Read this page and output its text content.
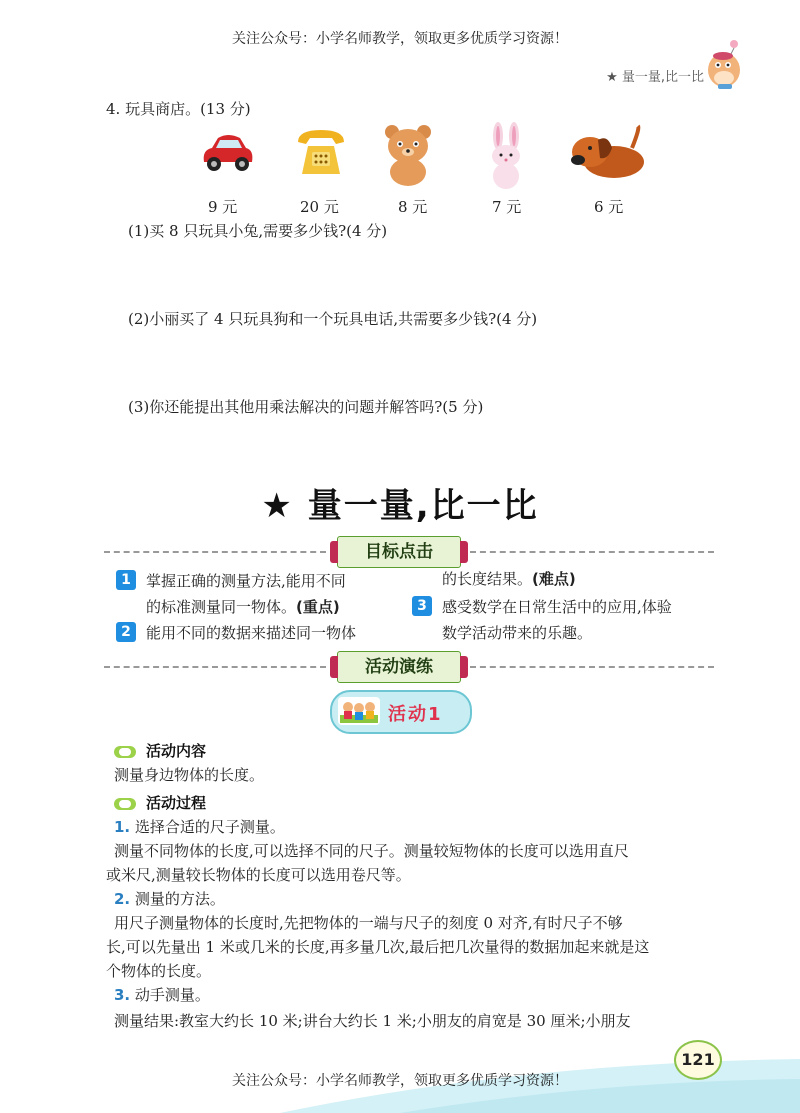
关注公众号：小学名师教学，领取更多优质学习资源！
★ 量一量,比一比
4. 玩具商店。(13 分)
9 元	20 元	8 元	7 元	6 元
(1)买 8 只玩具小兔,需要多少钱?(4 分)
(2)小丽买了 4 只玩具狗和一个玩具电话,共需要多少钱?(4 分)
(3)你还能提出其他用乘法解决的问题并解答吗?(5 分)
★ 量一量,比一比
目标点击
1	掌握正确的测量方法,能用不同
的标准测量同一物体。(重点)
2	能用不同的数据来描述同一物体
的长度结果。(难点)
3	感受数学在日常生活中的应用,体验
数学活动带来的乐趣。
活动演练
活动1
活动内容
测量身边物体的长度。
活动过程
1. 选择合适的尺子测量。
测量不同物体的长度,可以选择不同的尺子。测量较短物体的长度可以选用直尺
或米尺,测量较长物体的长度可以选用卷尺等。
2. 测量的方法。
用尺子测量物体的长度时,先把物体的一端与尺子的刻度 0 对齐,有时尺子不够
长,可以先量出 1 米或几米的长度,再多量几次,最后把几次量得的数据加起来就是这
个物体的长度。
3. 动手测量。
测量结果:教室大约长 10 米;讲台大约长 1 米;小朋友的肩宽是 30 厘米;小朋友
121
关注公众号：小学名师教学，领取更多优质学习资源！
